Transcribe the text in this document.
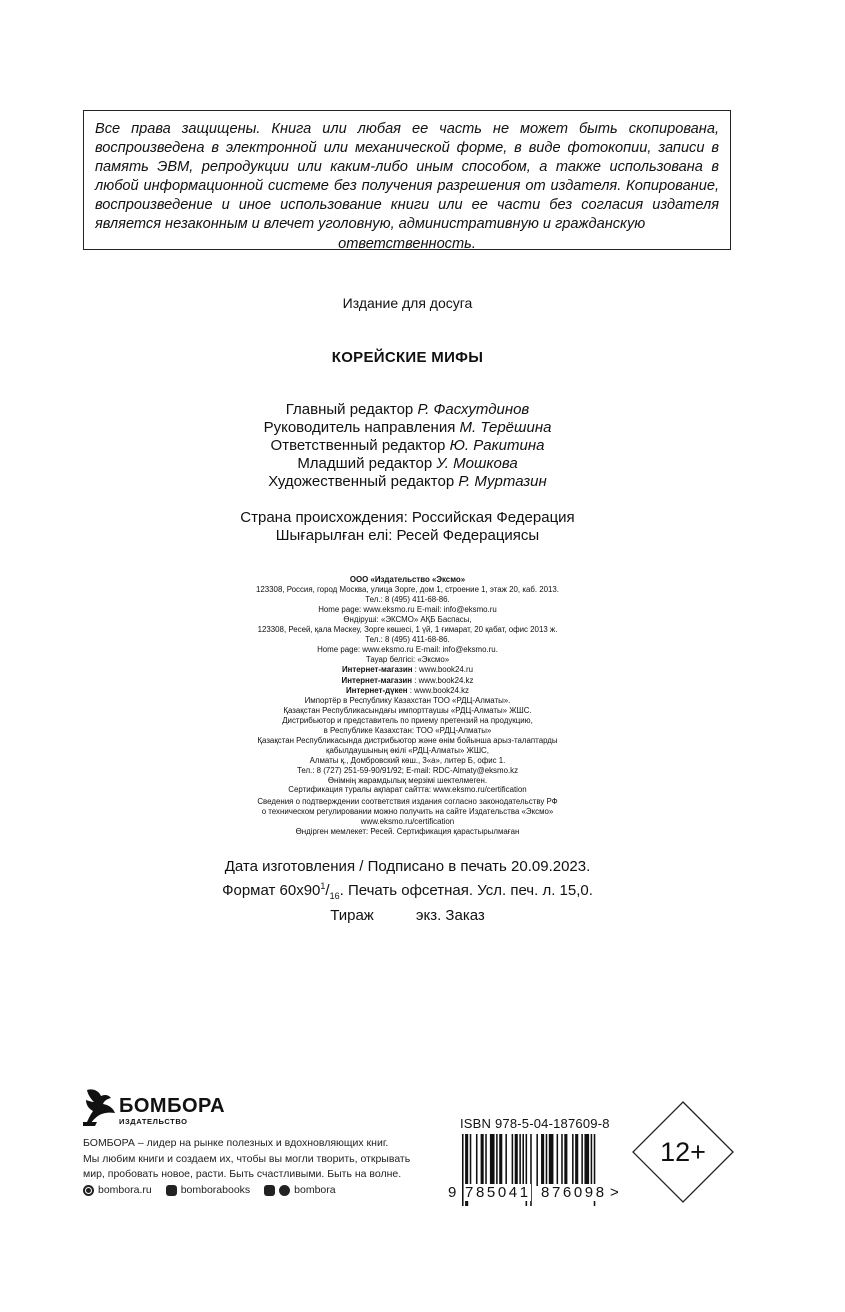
Все права защищены. Книга или любая ее часть не может быть скопирована, воспроизведена в электронной или механической форме, в виде фотокопии, записи в память ЭВМ, репродукции или каким-либо иным способом, а также использована в любой информационной системе без получения разрешения от издателя. Копирование, воспроизведение и иное использование книги или ее части без согласия издателя является незаконным и влечет уголовную, административную и гражданскую

ответственность.

Издание для досуга
КОРЕЙСКИЕ МИФЫ
Главный редактор Р. Фасхутдинов
Руководитель направления М. Терёшина
Ответственный редактор Ю. Ракитина
Младший редактор У. Мошкова
Художественный редактор Р. Муртазин
Страна происхождения: Российская Федерация
Шығарылған елі: Ресей Федерациясы
ООО «Издательство «Эксмо»
123308, Россия, город Москва, улица Зорге, дом 1, строение 1, этаж 20, каб. 2013.
Тел.: 8 (495) 411-68-86.
Home page: www.eksmo.ru E-mail: info@eksmo.ru
Өндіруші: «ЭКСМО» АҚБ Баспасы,
123308, Ресей, қала Мәскеу, Зорге көшесі, 1 үй, 1 ғимарат, 20 қабат, офис 2013 ж.
Тел.: 8 (495) 411-68-86.
Home page: www.eksmo.ru E-mail: info@eksmo.ru.
Тауар белгісі: «Эксмо»
Интернет-магазин : www.book24.ru
Интернет-магазин : www.book24.kz
Интернет-дүкен : www.book24.kz
Импортёр в Республику Казахстан ТОО «РДЦ-Алматы».
Қазақстан Республикасындағы импорттаушы «РДЦ-Алматы» ЖШС.
Дистрибьютор и представитель по приему претензий на продукцию,
в Республике Казахстан: ТОО «РДЦ-Алматы»
Қазақстан Республикасында дистрибьютор және өнім бойынша арыз-талаптарды
қабылдаушының өкілі «РДЦ-Алматы» ЖШС,
Алматы қ., Домбровский көш., 3«а», литер Б, офис 1.
Тел.: 8 (727) 251-59-90/91/92; E-mail: RDC-Almaty@eksmo.kz
Өнімнің жарамдылық мерзімі шектелмеген.
Сертификация туралы ақпарат сайтта: www.eksmo.ru/certification
Сведения о подтверждении соответствия издания согласно законодательству РФ
о техническом регулировании можно получить на сайте Издательства «Эксмо»
www.eksmo.ru/certification
Өндірген мемлекет: Ресей. Сертификация қарастырылмаған
Дата изготовления / Подписано в печать 20.09.2023.
Формат $60x90^1/_{16}$. Печать офсетная. Усл. печ. л. 15,0.
Тираж	экз. Заказ
БОМБОРА
ИЗДАТЕЛЬСТВО
БОМБОРА – лидер на рынке полезных и вдохновляющих книг.
Мы любим книги и создаем их, чтобы вы могли творить, открывать
мир, пробовать новое, расти. Быть счастливыми. Быть на волне.
bombora.ru	bomborabooks	bombora
ISBN 978-5-04-187609-8
9 785041 876098 >
12+
